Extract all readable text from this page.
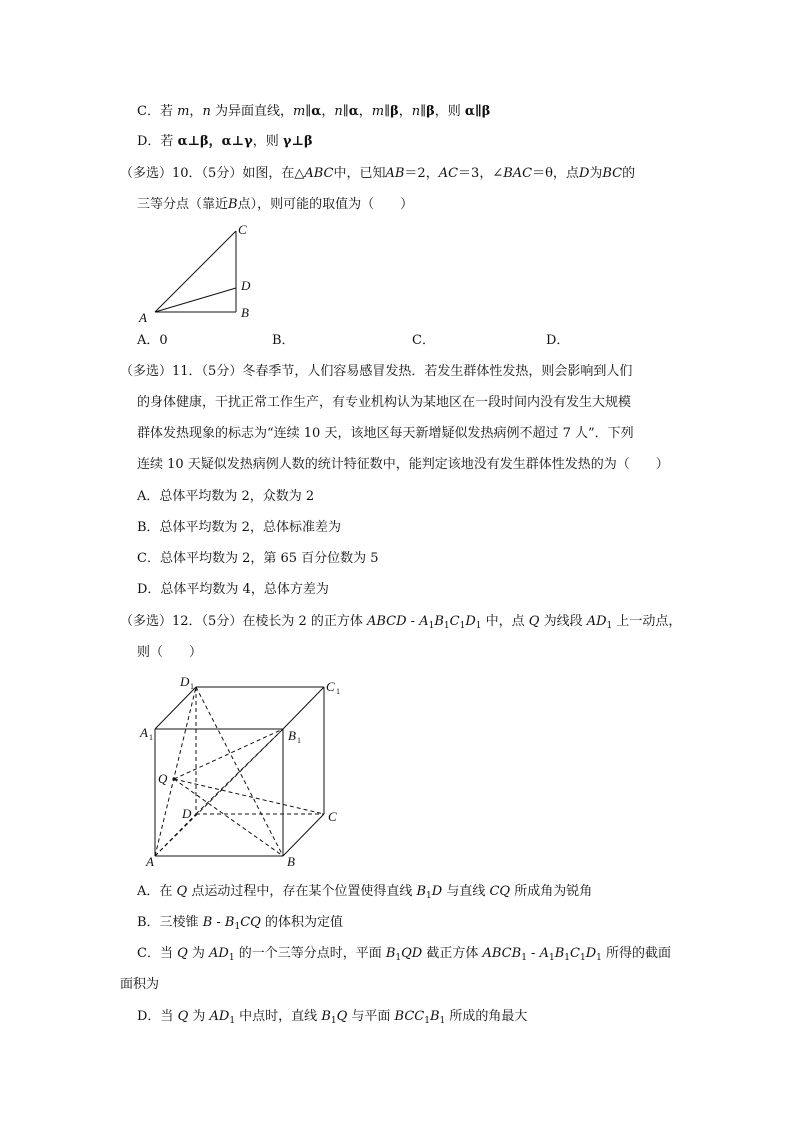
C．若 m，n 为异面直线，m∥α，n∥α，m∥β，n∥β，则 α∥β
D．若 α⊥β，α⊥γ，则 γ⊥β
（多选）10．（5分）如图，在△ABC中，已知AB＝2，AC＝3，∠BAC＝θ，点D为BC的
三等分点（靠近B点），则可能的取值为（　　）
A	B
C
D
A．0	B．	C．	D．
（多选）11．（5分）冬春季节，人们容易感冒发热．若发生群体性发热，则会影响到人们
的身体健康，干扰正常工作生产，有专业机构认为某地区在一段时间内没有发生大规模
群体发热现象的标志为“连续 10 天，该地区每天新增疑似发热病例不超过 7 人”．下列
连续 10 天疑似发热病例人数的统计特征数中，能判定该地没有发生群体性发热的为（　　）
A．总体平均数为 2，众数为 2
B．总体平均数为 2，总体标准差为
C．总体平均数为 2，第 65 百分位数为 5
D．总体平均数为 4，总体方差为
（多选）12．（5分）在棱长为 2 的正方体 ABCD - $A_1B_1C_1D_1$ 中，点 Q 为线段 $AD_1$ 上一动点，
则（　　）
D 1	C 1
A 1	B 1
Q
D	C
A	B
A．在 Q 点运动过程中，存在某个位置使得直线 $B_1D$ 与直线 CQ 所成角为锐角
B．三棱锥 B - $B_1CQ$ 的体积为定值
C．当 Q 为 $AD_1$ 的一个三等分点时，平面 $B_1QD$ 截正方体 $ABCB_1 - A_1B_1C_1D_1$ 所得的截面
面积为
D．当 Q 为 $AD_1$ 中点时，直线 $B_1Q$ 与平面 $BCC_1B_1$ 所成的角最大
